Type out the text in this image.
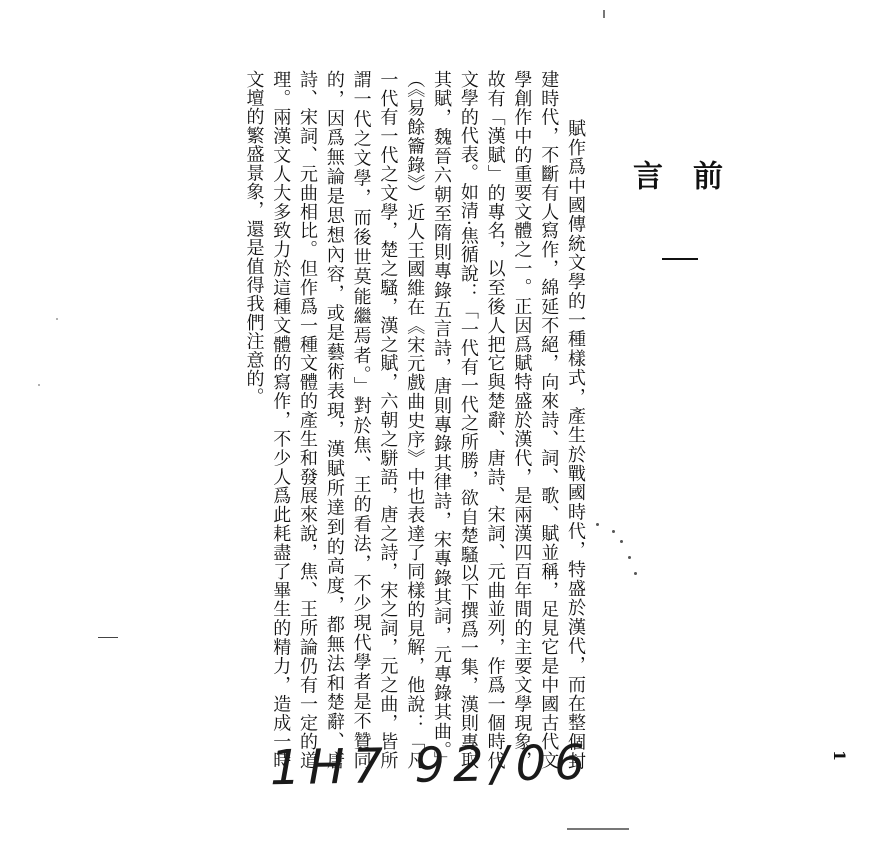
前 言

賦作爲中國傳統文學的一種樣式，產生於戰國時代，特盛於漢代，而在整個封建時代，不斷有人寫作，綿延不絕，向來詩、詞、歌、賦並稱，足見它是中國古代文學創作中的重要文體之一。正因爲賦特盛於漢代，是兩漢四百年間的主要文學現象，故有「漢賦」的專名，以至後人把它與楚辭、唐詩、宋詞、元曲並列，作爲一個時代文學的代表。如清·焦循說：「一代有一代之所勝，欲自楚騷以下撰爲一集，漢則專取其賦，魏晉六朝至隋則專錄五言詩，唐則專錄其律詩，宋專錄其詞，元專錄其曲。」（《易餘籥錄》）近人王國維在《宋元戲曲史序》中也表達了同樣的見解，他說：「凡一代有一代之文學，楚之騷，漢之賦，六朝之駢語，唐之詩，宋之詞，元之曲，皆所謂一代之文學，而後世莫能繼焉者。」對於焦、王的看法，不少現代學者是不贊同的，因爲無論是思想內容，或是藝術表現，漢賦所達到的高度，都無法和楚辭、唐詩、宋詞、元曲相比。但作爲一種文體的產生和發展來說，焦、王所論仍有一定的道理。兩漢文人大多致力於這種文體的寫作，不少人爲此耗盡了畢生的精力，造成一時文壇的繁盛景象，還是值得我們注意的。

1H7 92/06	1
